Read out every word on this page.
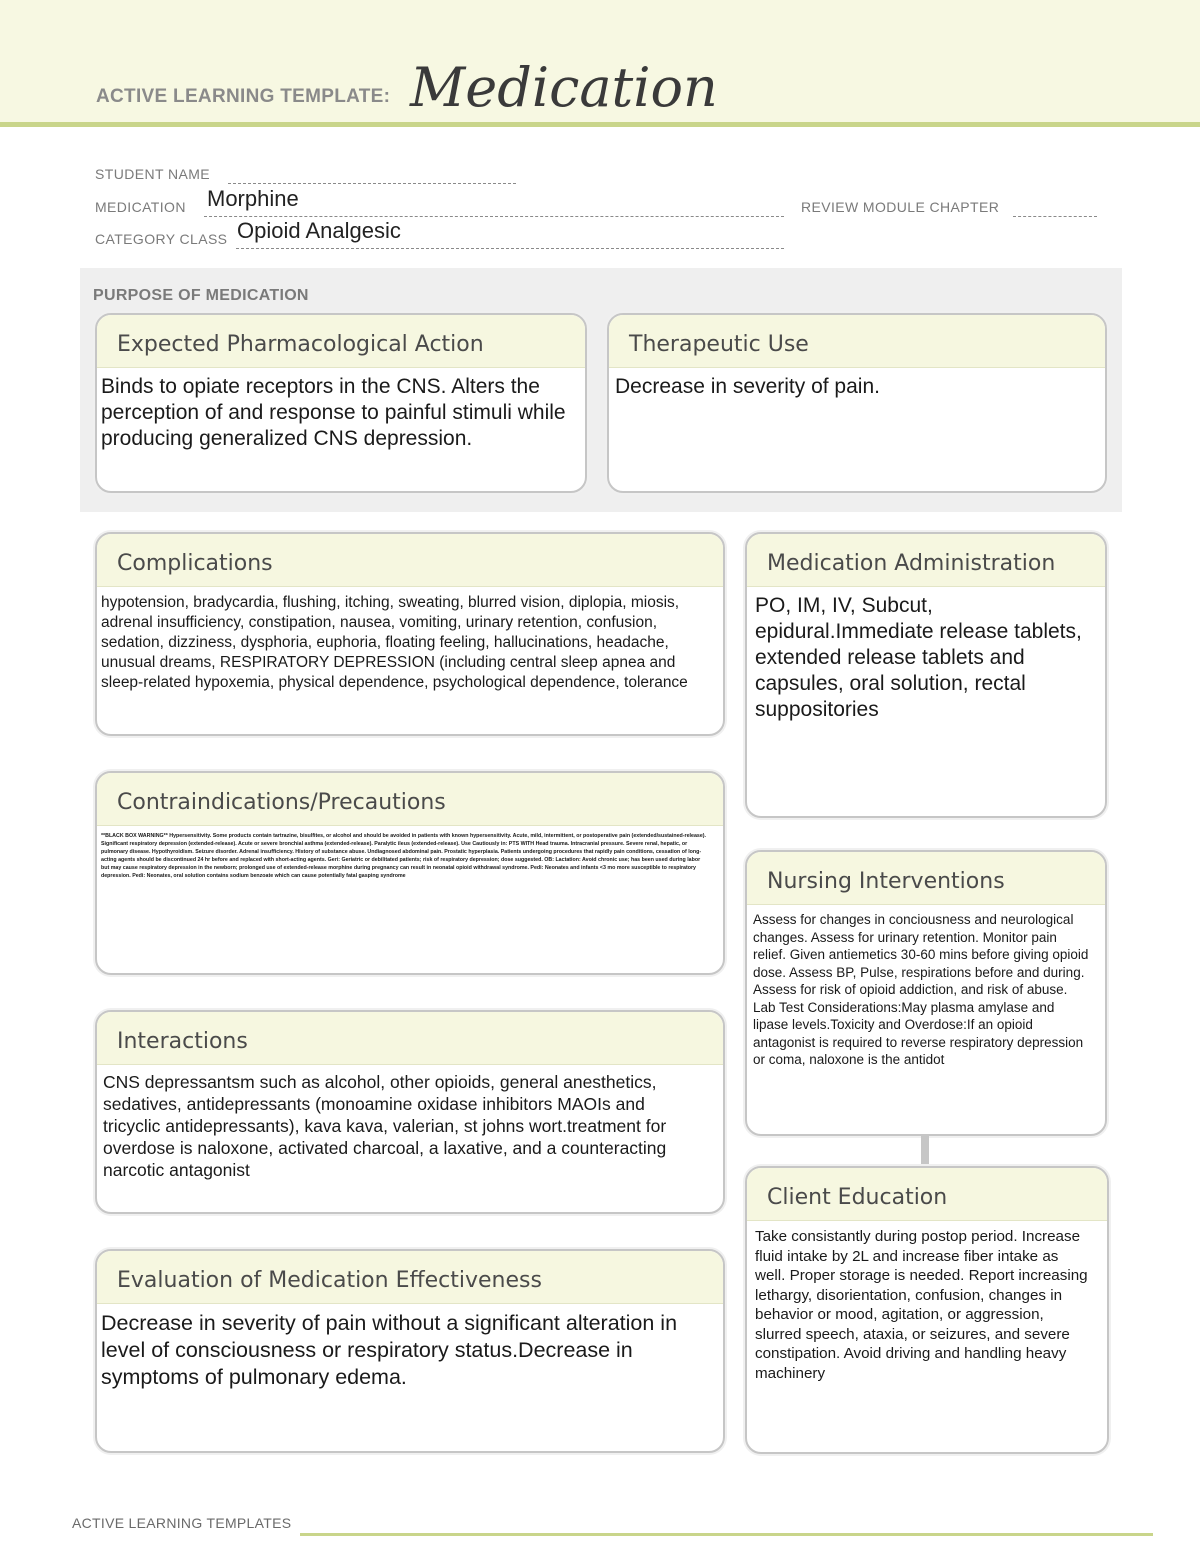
ACTIVE LEARNING TEMPLATE: Medication
STUDENT NAME
MEDICATION Morphine	REVIEW MODULE CHAPTER
CATEGORY CLASS Opioid Analgesic
PURPOSE OF MEDICATION
Expected Pharmacological Action
Binds to opiate receptors in the CNS. Alters the perception of and response to painful stimuli while producing generalized CNS depression.
Therapeutic Use
Decrease in severity of pain.
Complications
hypotension, bradycardia, flushing, itching, sweating, blurred vision, diplopia, miosis, adrenal insufficiency, constipation, nausea, vomiting, urinary retention, confusion, sedation, dizziness, dysphoria, euphoria, floating feeling, hallucinations, headache, unusual dreams, RESPIRATORY DEPRESSION (including central sleep apnea and sleep-related hypoxemia, physical dependence, psychological dependence, tolerance
Medication Administration
PO, IM, IV, Subcut, epidural.Immediate release tablets, extended release tablets and capsules, oral solution, rectal suppositories
Contraindications/Precautions
**BLACK BOX WARNING** Hypersensitivity. Some products contain tartrazine, bisulfites, or alcohol and should be avoided in patients with known hypersensitivity. Acute, mild, intermittent, or postoperative pain (extended/sustained-release). Significant respiratory depression (extended-release). Acute or severe bronchial asthma (extended-release). Paralytic ileus (extended-release). Use Cautiously in: PTS WITH Head trauma. Intracranial pressure. Severe renal, hepatic, or pulmonary disease. Hypothyroidism. Seizure disorder. Adrenal insufficiency. History of substance abuse. Undiagnosed abdominal pain. Prostatic hyperplasia. Patients undergoing procedures that rapidly pain conditions, cessation of long-acting agents should be discontinued 24 hr before and replaced with short-acting agents. Geri: Geriatric or debilitated patients; risk of respiratory depression; dose suggested. OB: Lactation: Avoid chronic use; has been used during labor but may cause respiratory depression in the newborn; prolonged use of extended-release morphine during pregnancy can result in neonatal opioid withdrawal syndrome. Pedi: Neonates and infants <3 mo more susceptible to respiratory depression. Pedi: Neonates, oral solution contains sodium benzoate which can cause potentially fatal gasping syndrome	Nursing Interventions
Assess for changes in conciousness and neurological changes. Assess for urinary retention. Monitor pain relief. Given antiemetics 30-60 mins before giving opioid dose. Assess BP, Pulse, respirations before and during. Assess for risk of opioid addiction, and risk of abuse. Lab Test Considerations:May plasma amylase and lipase levels.Toxicity and Overdose:If an opioid antagonist is required to reverse respiratory depression or coma, naloxone is the antidot
Interactions
CNS depressantsm such as alcohol, other opioids, general anesthetics, sedatives, antidepressants (monoamine oxidase inhibitors MAOIs and tricyclic antidepressants), kava kava, valerian, st johns wort.treatment for overdose is naloxone, activated charcoal, a laxative, and a counteracting narcotic antagonist
Client Education
Take consistantly during postop period. Increase fluid intake by 2L and increase fiber intake as well. Proper storage is needed. Report increasing lethargy, disorientation, confusion, changes in behavior or mood, agitation, or aggression, slurred speech, ataxia, or seizures, and severe constipation. Avoid driving and handling heavy machinery
Evaluation of Medication Effectiveness
Decrease in severity of pain without a significant alteration in level of consciousness or respiratory status.Decrease in symptoms of pulmonary edema.
ACTIVE LEARNING TEMPLATES
